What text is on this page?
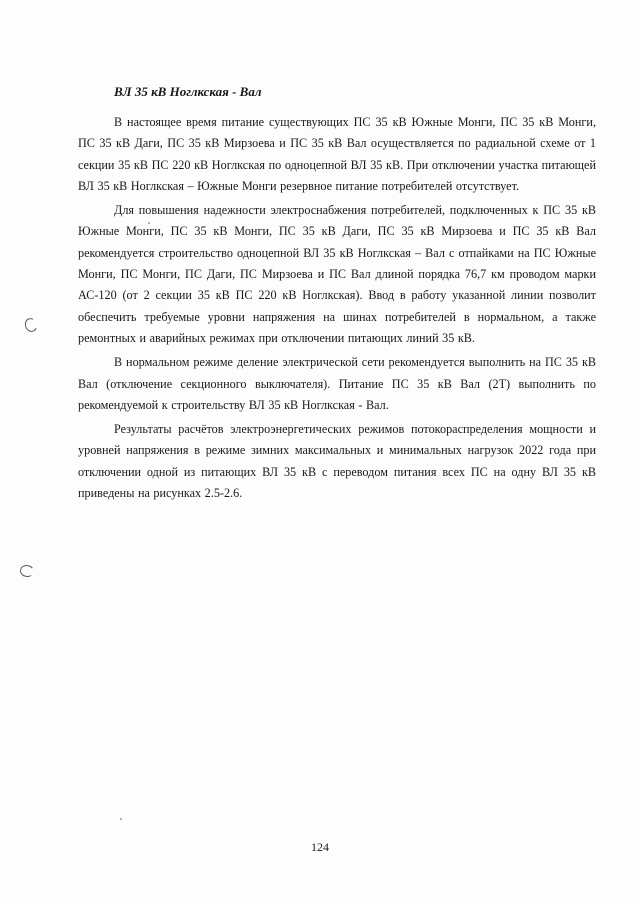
ВЛ 35 кВ Ноглкская - Вал

В настоящее время питание существующих ПС 35 кВ Южные Монги, ПС 35 кВ Монги, ПС 35 кВ Даги, ПС 35 кВ Мирзоева и ПС 35 кВ Вал осуществляется по радиальной схеме от 1 секции 35 кВ ПС 220 кВ Ноглкская по одноцепной ВЛ 35 кВ. При отключении участка питающей ВЛ 35 кВ Ноглкская – Южные Монги резервное питание потребителей отсутствует.

Для повышения надежности электроснабжения потребителей, подключенных к ПС 35 кВ Южные Монги, ПС 35 кВ Монги, ПС 35 кВ Даги, ПС 35 кВ Мирзоева и ПС 35 кВ Вал рекомендуется строительство одноцепной ВЛ 35 кВ Ноглкская – Вал с отпайками на ПС Южные Монги, ПС Монги, ПС Даги, ПС Мирзоева и ПС Вал длиной порядка 76,7 км проводом марки АС-120 (от 2 секции 35 кВ ПС 220 кВ Ноглкская). Ввод в работу указанной линии позволит обеспечить требуемые уровни напряжения на шинах потребителей в нормальном, а также ремонтных и аварийных режимах при отключении питающих линий 35 кВ.

В нормальном режиме деление электрической сети рекомендуется выполнить на ПС 35 кВ Вал (отключение секционного выключателя). Питание ПС 35 кВ Вал (2Т) выполнить по рекомендуемой к строительству ВЛ 35 кВ Ноглкская - Вал.

Результаты расчётов электроэнергетических режимов потокораспределения мощности и уровней напряжения в режиме зимних максимальных и минимальных нагрузок 2022 года при отключении одной из питающих ВЛ 35 кВ с переводом питания всех ПС на одну ВЛ 35 кВ приведены на рисунках 2.5-2.6.

124
